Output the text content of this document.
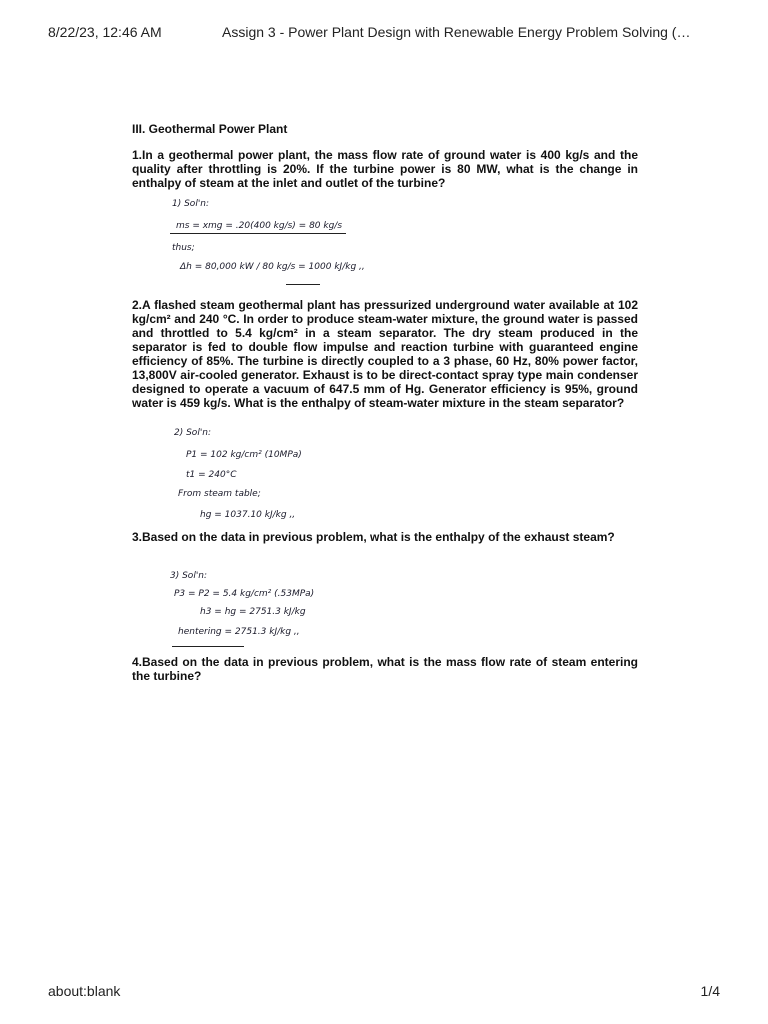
8/22/23, 12:46 AM	Assign 3 - Power Plant Design with Renewable Energy Problem Solving (…

III. Geothermal Power Plant

1.In a geothermal power plant, the mass flow rate of ground water is 400 kg/s and the quality after throttling is 20%. If the turbine power is 80 MW, what is the change in enthalpy of steam at the inlet and outlet of the turbine?

1) Sol'n:
ms = xmg = .20(400 kg/s) = 80 kg/s
thus;
Δh = 80,000 kW / 80 kg/s = 1000 kJ/kg ,,

2.A flashed steam geothermal plant has pressurized underground water available at 102 kg/cm² and 240 °C. In order to produce steam-water mixture, the ground water is passed and throttled to 5.4 kg/cm² in a steam separator. The dry steam produced in the separator is fed to double flow impulse and reaction turbine with guaranteed engine efficiency of 85%. The turbine is directly coupled to a 3 phase, 60 Hz, 80% power factor, 13,800V air-cooled generator. Exhaust is to be direct-contact spray type main condenser designed to operate a vacuum of 647.5 mm of Hg. Generator efficiency is 95%, ground water is 459 kg/s. What is the enthalpy of steam-water mixture in the steam separator?

2) Sol'n:
P1 = 102 kg/cm² (10MPa)
t1 = 240°C
From steam table;
hg = 1037.10 kJ/kg ,,

3.Based on the data in previous problem, what is the enthalpy of the exhaust steam?

3) Sol'n:
P3 = P2 = 5.4 kg/cm² (.53MPa)
h3 = hg = 2751.3 kJ/kg
hentering = 2751.3 kJ/kg ,,

4.Based on the data in previous problem, what is the mass flow rate of steam entering the turbine?

about:blank	1/4
